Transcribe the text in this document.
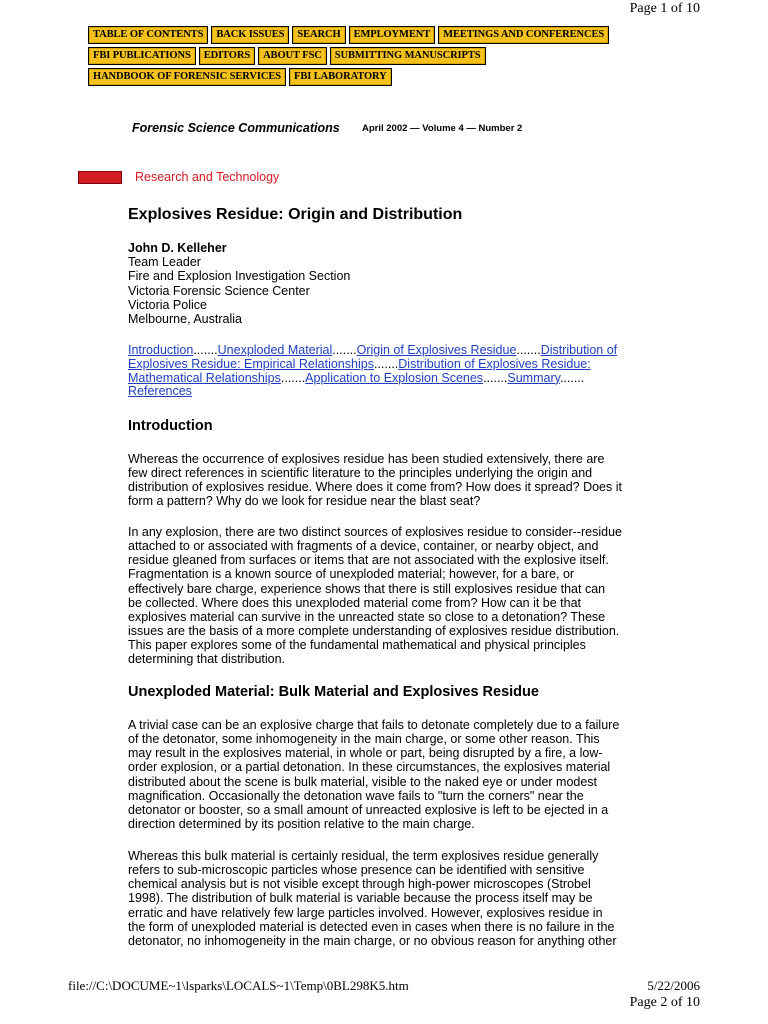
Page 1 of 10
TABLE OF CONTENTS	BACK ISSUES	SEARCH	EMPLOYMENT	MEETINGS AND CONFERENCES
FBI PUBLICATIONS	EDITORS	ABOUT FSC	SUBMITTING MANUSCRIPTS
HANDBOOK OF FORENSIC SERVICES	FBI LABORATORY
Forensic Science Communications April 2002 — Volume 4 — Number 2
Research and Technology
Explosives Residue: Origin and Distribution
John D. Kelleher
Team Leader
Fire and Explosion Investigation Section
Victoria Forensic Science Center
Victoria Police
Melbourne, Australia
Introduction.......Unexploded Material.......Origin of Explosives Residue.......Distribution of Explosives Residue: Empirical Relationships.......Distribution of Explosives Residue: Mathematical Relationships.......Application to Explosion Scenes.......Summary....... References
Introduction

Whereas the occurrence of explosives residue has been studied extensively, there are few direct references in scientific literature to the principles underlying the origin and distribution of explosives residue. Where does it come from? How does it spread? Does it form a pattern? Why do we look for residue near the blast seat?

In any explosion, there are two distinct sources of explosives residue to consider--residue attached to or associated with fragments of a device, container, or nearby object, and residue gleaned from surfaces or items that are not associated with the explosive itself. Fragmentation is a known source of unexploded material; however, for a bare, or effectively bare charge, experience shows that there is still explosives residue that can be collected. Where does this unexploded material come from? How can it be that explosives material can survive in the unreacted state so close to a detonation? These issues are the basis of a more complete understanding of explosives residue distribution. This paper explores some of the fundamental mathematical and physical principles determining that distribution.

Unexploded Material: Bulk Material and Explosives Residue

A trivial case can be an explosive charge that fails to detonate completely due to a failure of the detonator, some inhomogeneity in the main charge, or some other reason. This may result in the explosives material, in whole or part, being disrupted by a fire, a low-order explosion, or a partial detonation. In these circumstances, the explosives material distributed about the scene is bulk material, visible to the naked eye or under modest magnification. Occasionally the detonation wave fails to "turn the corners" near the detonator or booster, so a small amount of unreacted explosive is left to be ejected in a direction determined by its position relative to the main charge.

Whereas this bulk material is certainly residual, the term explosives residue generally refers to sub-microscopic particles whose presence can be identified with sensitive chemical analysis but is not visible except through high-power microscopes (Strobel 1998). The distribution of bulk material is variable because the process itself may be erratic and have relatively few large particles involved. However, explosives residue in the form of unexploded material is detected even in cases when there is no failure in the detonator, no inhomogeneity in the main charge, or no obvious reason for anything other

file://C:\DOCUME~1\lsparks\LOCALS~1\Temp\0BL298K5.htm	5/22/2006
Page 2 of 10
